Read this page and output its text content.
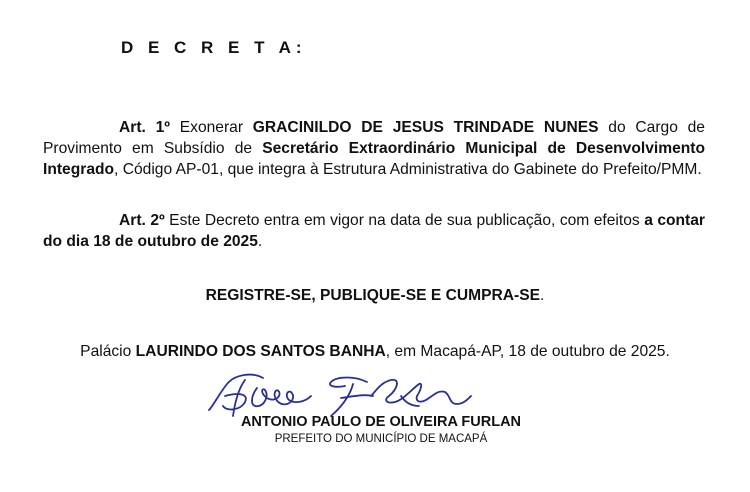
D E C R E T A:
Art. 1º Exonerar GRACINILDO DE JESUS TRINDADE NUNES do Cargo de Provimento em Subsídio de Secretário Extraordinário Municipal de Desenvolvimento Integrado, Código AP-01, que integra à Estrutura Administrativa do Gabinete do Prefeito/PMM.
Art. 2º Este Decreto entra em vigor na data de sua publicação, com efeitos a contar do dia 18 de outubro de 2025.
REGISTRE-SE, PUBLIQUE-SE E CUMPRA-SE.
Palácio LAURINDO DOS SANTOS BANHA, em Macapá-AP, 18 de outubro de 2025.
ANTONIO PAULO DE OLIVEIRA FURLAN
PREFEITO DO MUNICÍPIO DE MACAPÁ
